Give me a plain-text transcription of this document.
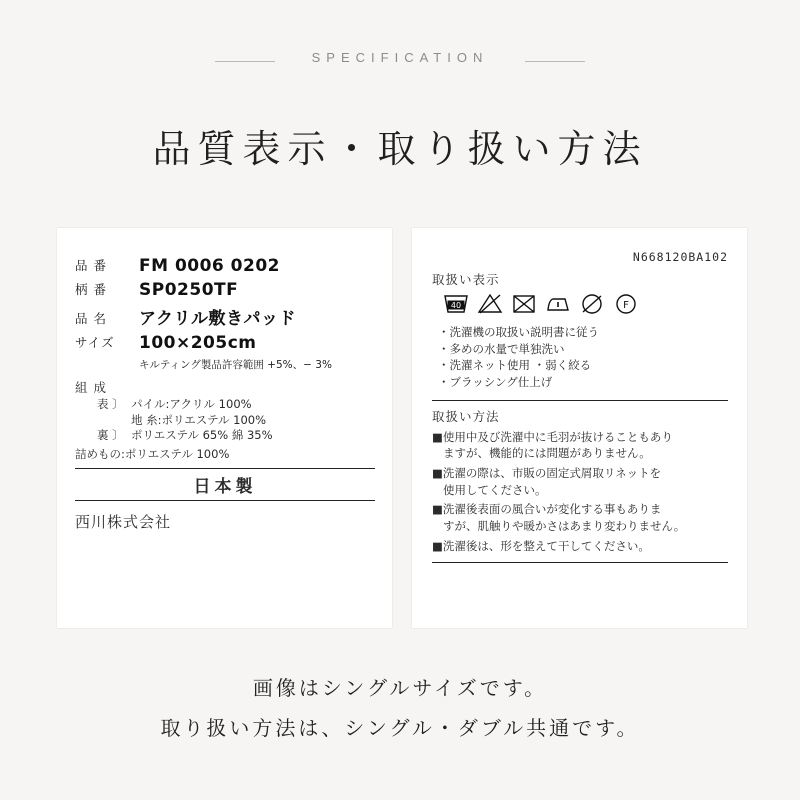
SPECIFICATION
品質表示・取り扱い方法
品 番	FM 0006 0202
柄 番	SP0250TF
品 名	アクリル敷きパッド
サイズ	100×205cm
キルティング製品許容範囲 +5%、− 3%
組 成
表 〕 パイル:アクリル 100%
地 糸:ポリエステル 100%
裏 〕 ポリエステル 65% 綿 35%
詰めもの:ポリエステル 100%
日本製
西川株式会社
N668120BA102
取扱い表示
40	F
・洗濯機の取扱い説明書に従う
・多めの水量で単独洗い
・洗濯ネット使用 ・弱く絞る
・ブラッシング仕上げ
取扱い方法
■使用中及び洗濯中に毛羽が抜けることもあり
ますが、機能的には問題がありません。
■洗濯の際は、市販の固定式屑取リネットを
使用してください。
■洗濯後表面の風合いが変化する事もありま
すが、肌触りや暖かさはあまり変わりません。
■洗濯後は、形を整えて干してください。
画像はシングルサイズです。
取り扱い方法は、シングル・ダブル共通です。
